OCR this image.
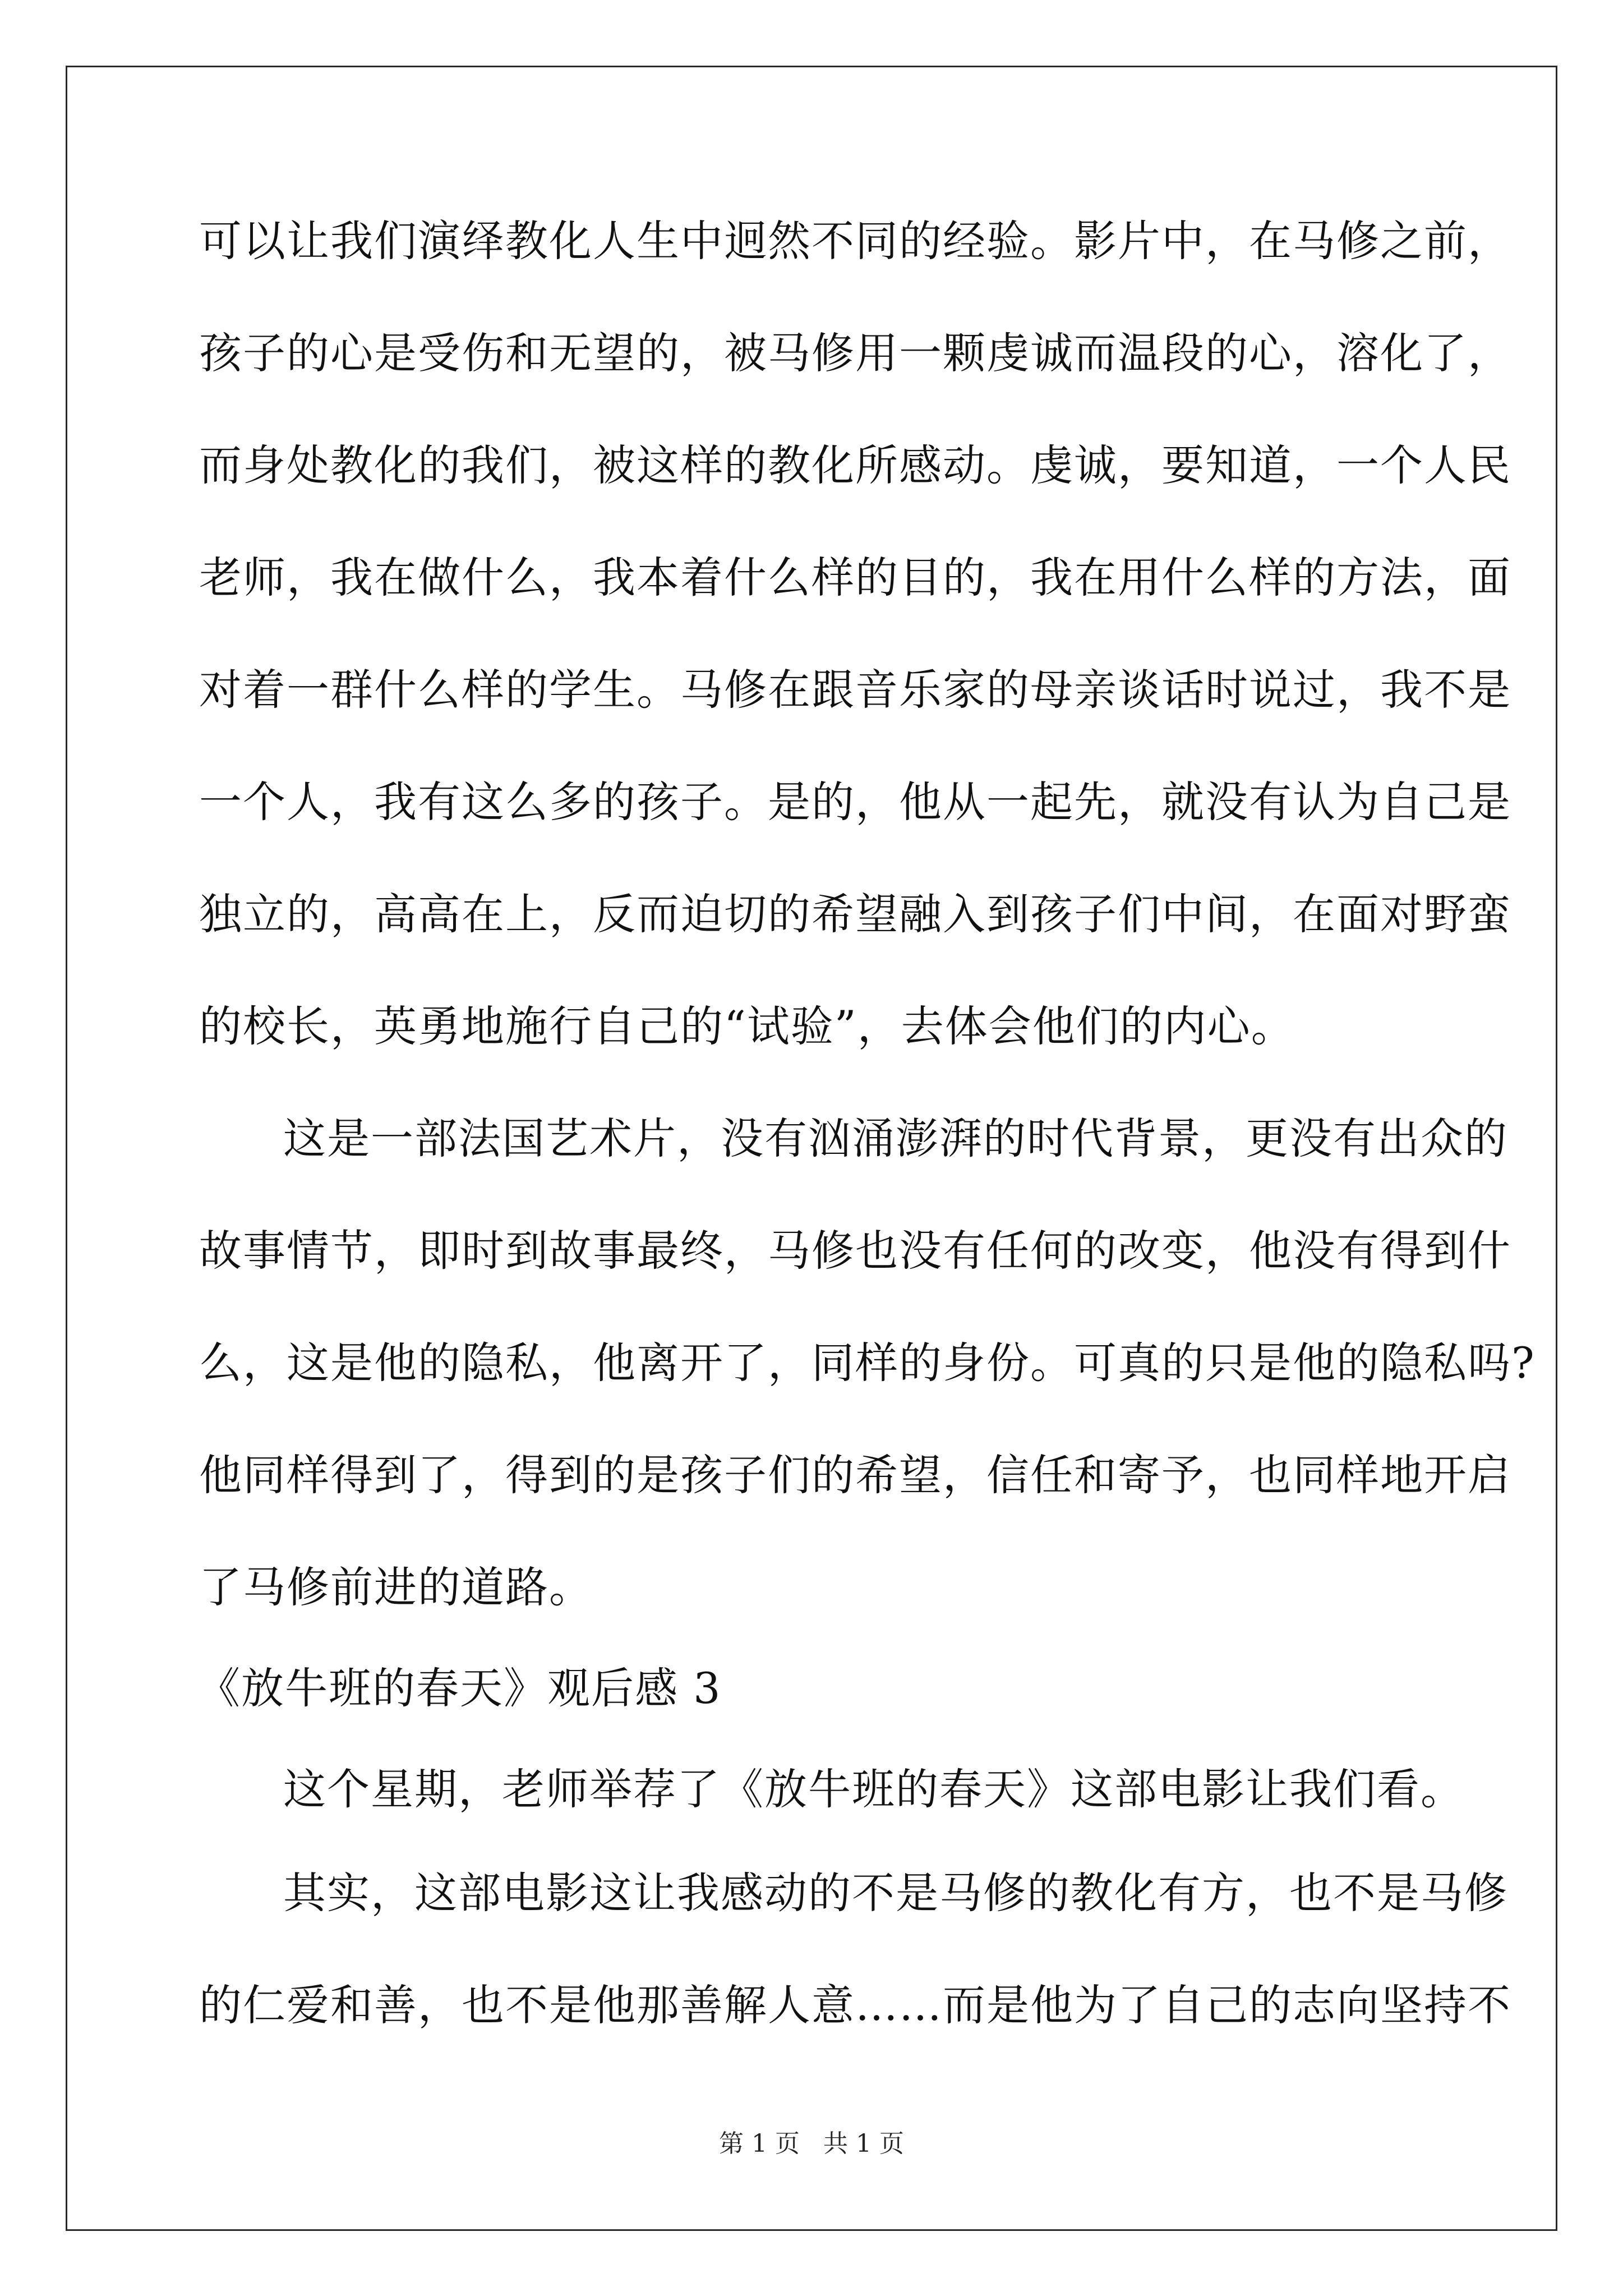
可以让我们演绎教化人生中迥然不同的经验。影片中，在马修之前，
孩子的心是受伤和无望的，被马修用一颗虔诚而温段的心，溶化了，
而身处教化的我们，被这样的教化所感动。虔诚，要知道，一个人民
老师，我在做什么，我本着什么样的目的，我在用什么样的方法，面
对着一群什么样的学生。马修在跟音乐家的母亲谈话时说过，我不是
一个人，我有这么多的孩子。是的，他从一起先，就没有认为自己是
独立的，高高在上，反而迫切的希望融入到孩子们中间，在面对野蛮
的校长，英勇地施行自己的“试验”，去体会他们的内心。
这是一部法国艺术片，没有汹涌澎湃的时代背景，更没有出众的
故事情节，即时到故事最终，马修也没有任何的改变，他没有得到什
么，这是他的隐私，他离开了，同样的身份。可真的只是他的隐私吗?
他同样得到了，得到的是孩子们的希望，信任和寄予，也同样地开启
了马修前进的道路。
《放牛班的春天》观后感 3
这个星期，老师举荐了《放牛班的春天》这部电影让我们看。
其实，这部电影这让我感动的不是马修的教化有方，也不是马修
的仁爱和善，也不是他那善解人意……而是他为了自己的志向坚持不
第 1 页   共 1 页
